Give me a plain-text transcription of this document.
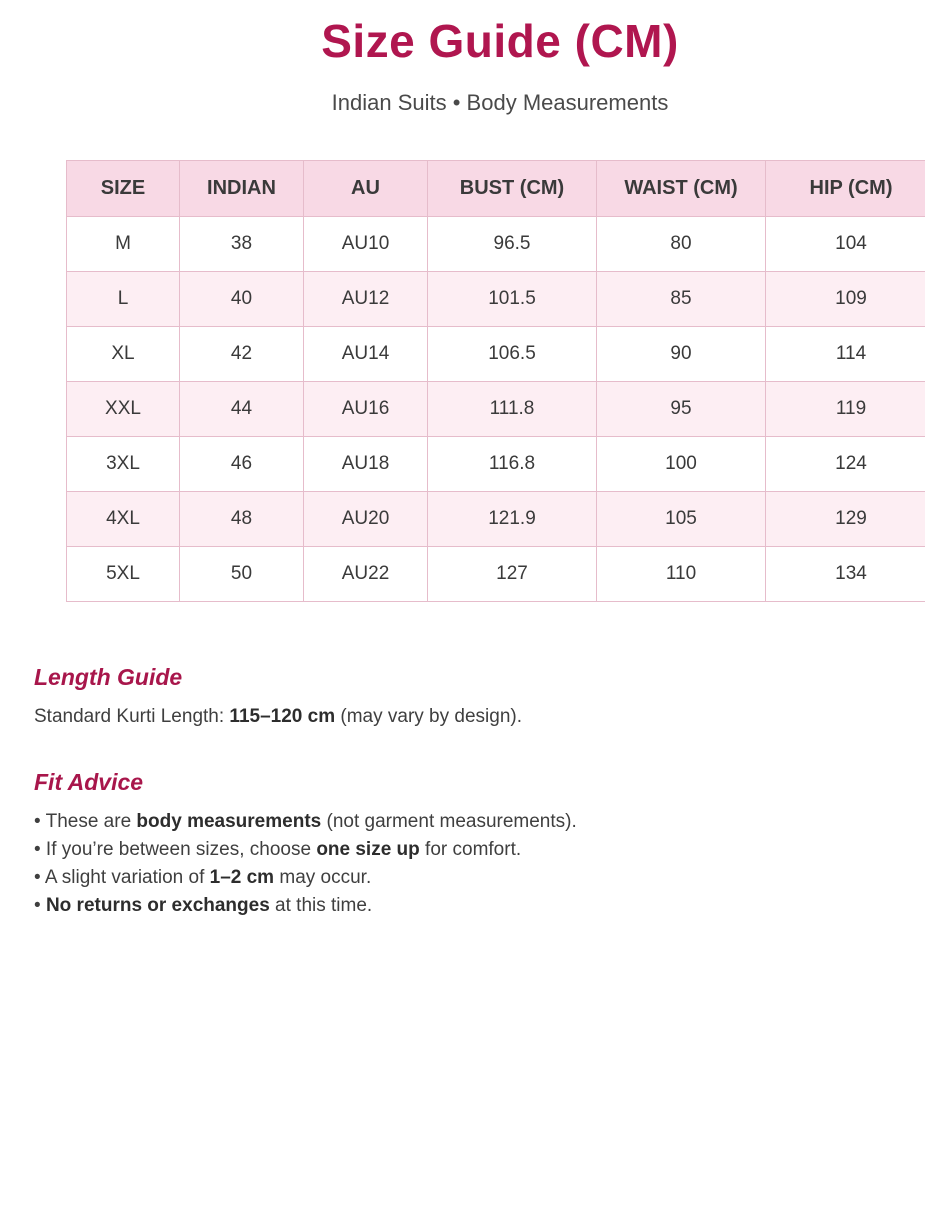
Size Guide (CM)
Indian Suits • Body Measurements
SIZE	INDIAN	AU	BUST (CM)	WAIST (CM)	HIP (CM)
M	38	AU10	96.5	80	104
L	40	AU12	101.5	85	109
XL	42	AU14	106.5	90	114
XXL	44	AU16	111.8	95	119
3XL	46	AU18	116.8	100	124
4XL	48	AU20	121.9	105	129
5XL	50	AU22	127	110	134
Length Guide
Standard Kurti Length: 115–120 cm (may vary by design).
Fit Advice
• These are body measurements (not garment measurements).
• If you’re between sizes, choose one size up for comfort.
• A slight variation of 1–2 cm may occur.
• No returns or exchanges at this time.
